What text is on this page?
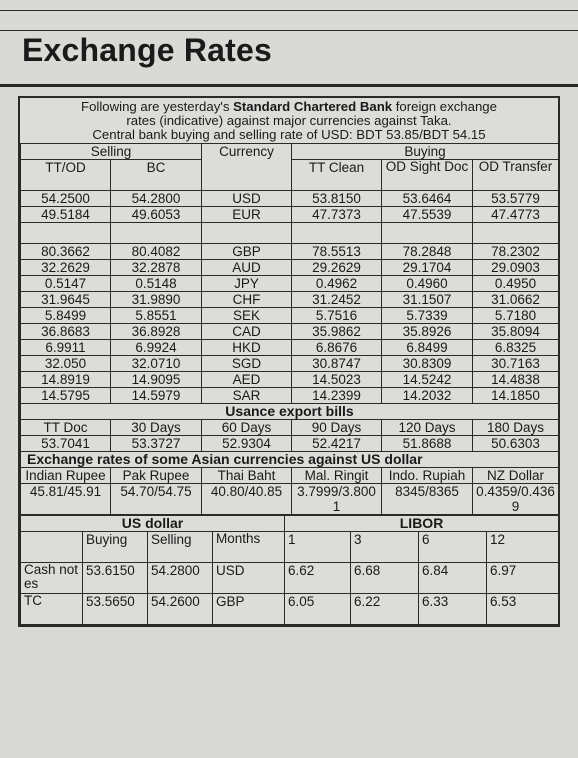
Exchange Rates
Following are yesterday's Standard Chartered Bank foreign exchange
rates (indicative) against major currencies against Taka.
Central bank buying and selling rate of USD: BDT 53.85/BDT 54.15
Selling		Currency	Buying		
TT/OD	BC		TT Clean	OD Sight Doc	OD Transfer
54.2500	54.2800	USD	53.8150	53.6464	53.5779
49.5184	49.6053	EUR	47.7373	47.5539	47.4773

80.3662	80.4082	GBP	78.5513	78.2848	78.2302
32.2629	32.2878	AUD	29.2629	29.1704	29.0903
0.5147	0.5148	JPY	0.4962	0.4960	0.4950
31.9645	31.9890	CHF	31.2452	31.1507	31.0662
5.8499	5.8551	SEK	5.7516	5.7339	5.7180
36.8683	36.8928	CAD	35.9862	35.8926	35.8094
6.9911	6.9924	HKD	6.8676	6.8499	6.8325
32.050	32.0710	SGD	30.8747	30.8309	30.7163
14.8919	14.9095	AED	14.5023	14.5242	14.4838
14.5795	14.5979	SAR	14.2399	14.2032	14.1850
Usance export bills					
TT Doc	30 Days	60 Days	90 Days	120 Days	180 Days
53.7041	53.3727	52.9304	52.4217	51.8688	50.6303
Exchange rates of some Asian currencies against US dollar					
Indian Rupee	Pak Rupee	Thai Baht	Mal. Ringit	Indo. Rupiah	NZ Dollar
45.81/45.91	54.70/54.75	40.80/40.85	3.7999/3.8001	8345/8365	0.4359/0.4369
US dollar				LIBOR			
	Buying	Selling	Months	1	3	6	12
Cash notes	53.6150	54.2800	USD	6.62	6.68	6.84	6.97
TC	53.5650	54.2600	GBP	6.05	6.22	6.33	6.53
